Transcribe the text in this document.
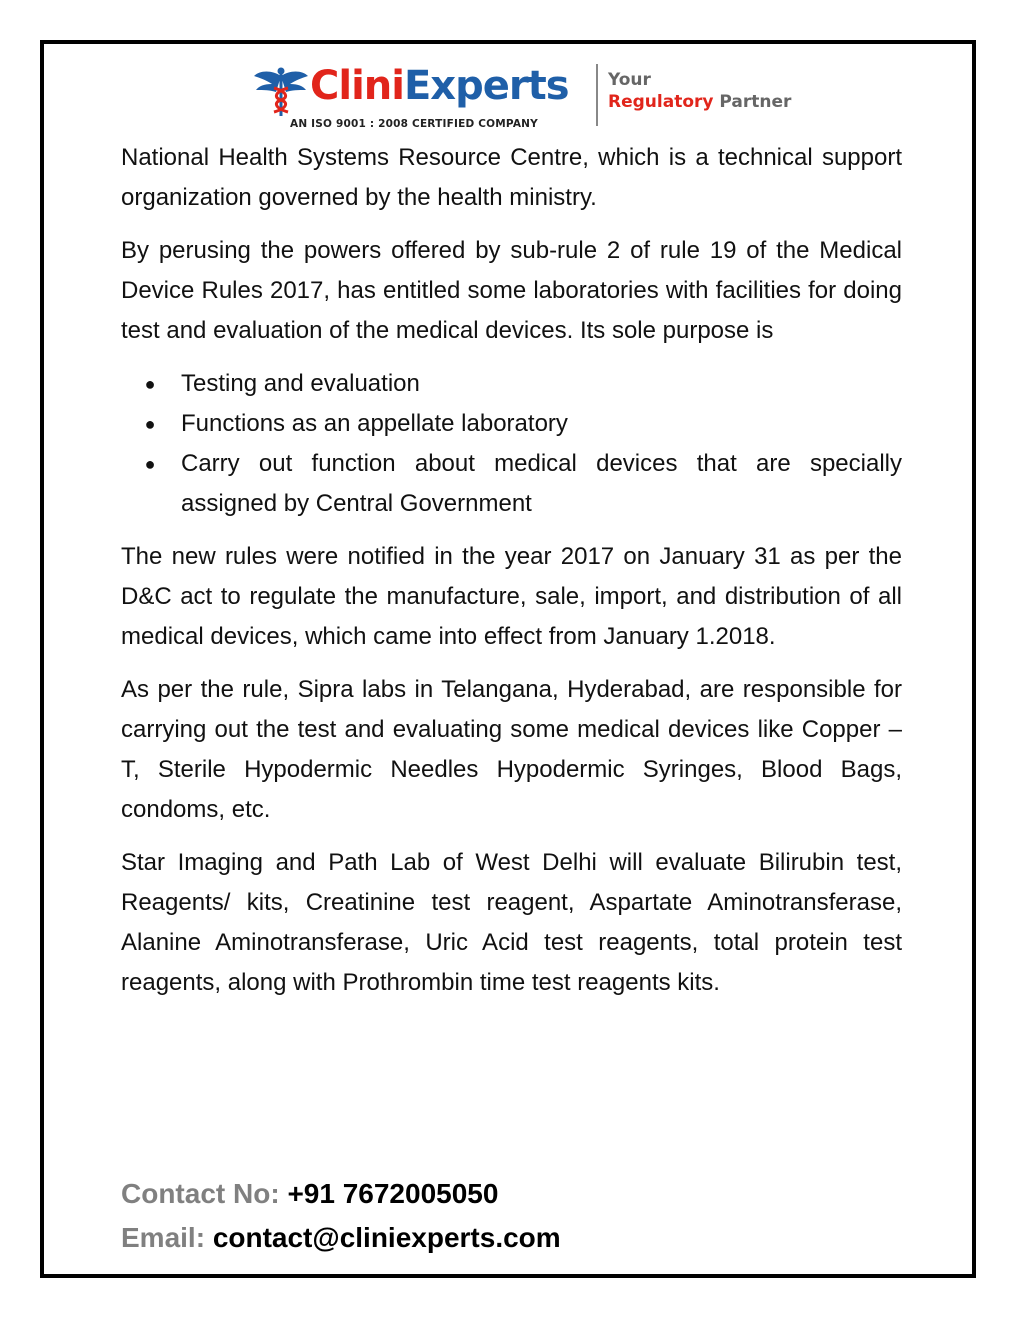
CliniExperts
AN ISO 9001 : 2008 CERTIFIED COMPANY
Your
Regulatory Partner

National Health Systems Resource Centre, which is a technical support organization governed by the health ministry.

By perusing the powers offered by sub-rule 2 of rule 19 of the Medical Device Rules 2017, has entitled some laboratories with facilities for doing test and evaluation of the medical devices. Its sole purpose is

● Testing and evaluation
● Functions as an appellate laboratory
● Carry out function about medical devices that are specially assigned by Central Government

The new rules were notified in the year 2017 on January 31 as per the D&C act to regulate the manufacture, sale, import, and distribution of all medical devices, which came into effect from January 1.2018.

As per the rule, Sipra labs in Telangana, Hyderabad, are responsible for carrying out the test and evaluating some medical devices like Copper –T, Sterile Hypodermic Needles Hypodermic Syringes, Blood Bags, condoms, etc.

Star Imaging and Path Lab of West Delhi will evaluate Bilirubin test, Reagents/ kits, Creatinine test reagent, Aspartate Aminotransferase, Alanine Aminotransferase, Uric Acid test reagents, total protein test reagents, along with Prothrombin time test reagents kits.

Contact No: +91 7672005050
Email: contact@cliniexperts.com
